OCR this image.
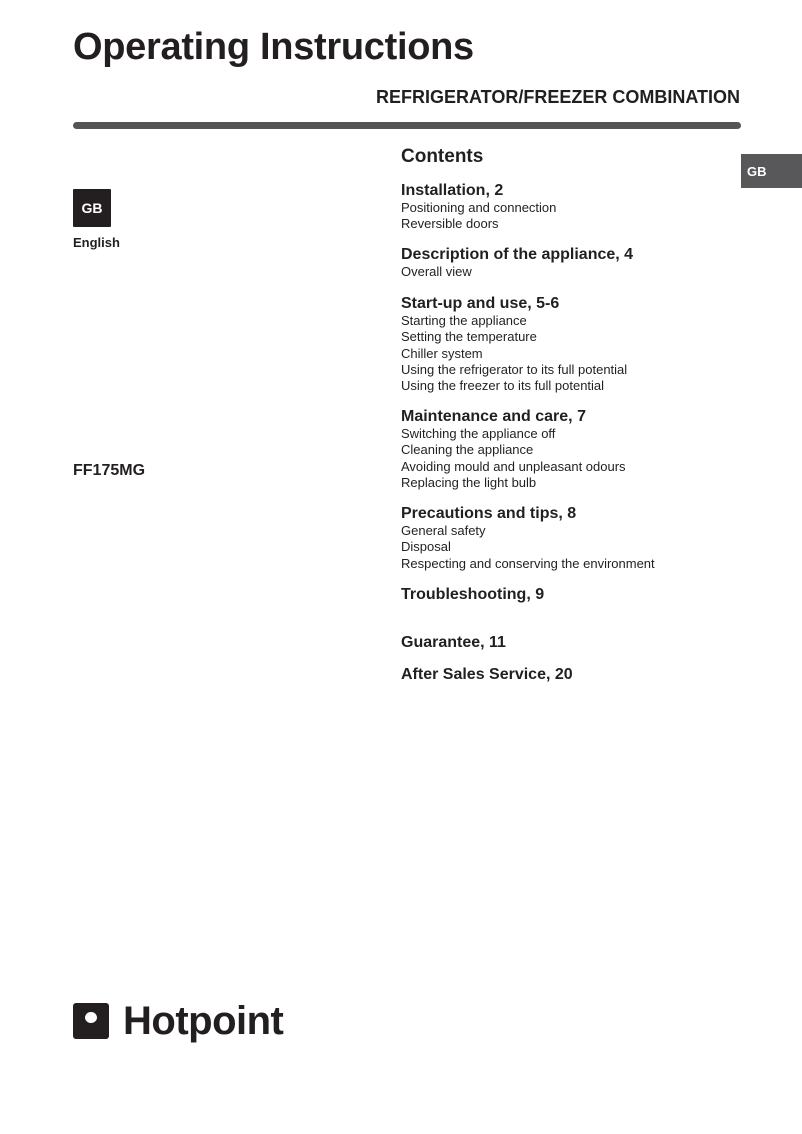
Operating Instructions
REFRIGERATOR/FREEZER COMBINATION
GB
GB
English
FF175MG
Contents
Installation, 2
Positioning and connection
Reversible doors
Description of the appliance, 4
Overall view
Start-up and use, 5-6
Starting the appliance
Setting the temperature
Chiller system
Using the refrigerator to its full potential
Using the freezer to its full potential
Maintenance and care, 7
Switching the appliance off
Cleaning the appliance
Avoiding mould and unpleasant odours
Replacing the light bulb
Precautions and tips, 8
General safety
Disposal
Respecting and conserving the environment
Troubleshooting, 9
Guarantee, 11
After Sales Service, 20
Hotpoint
